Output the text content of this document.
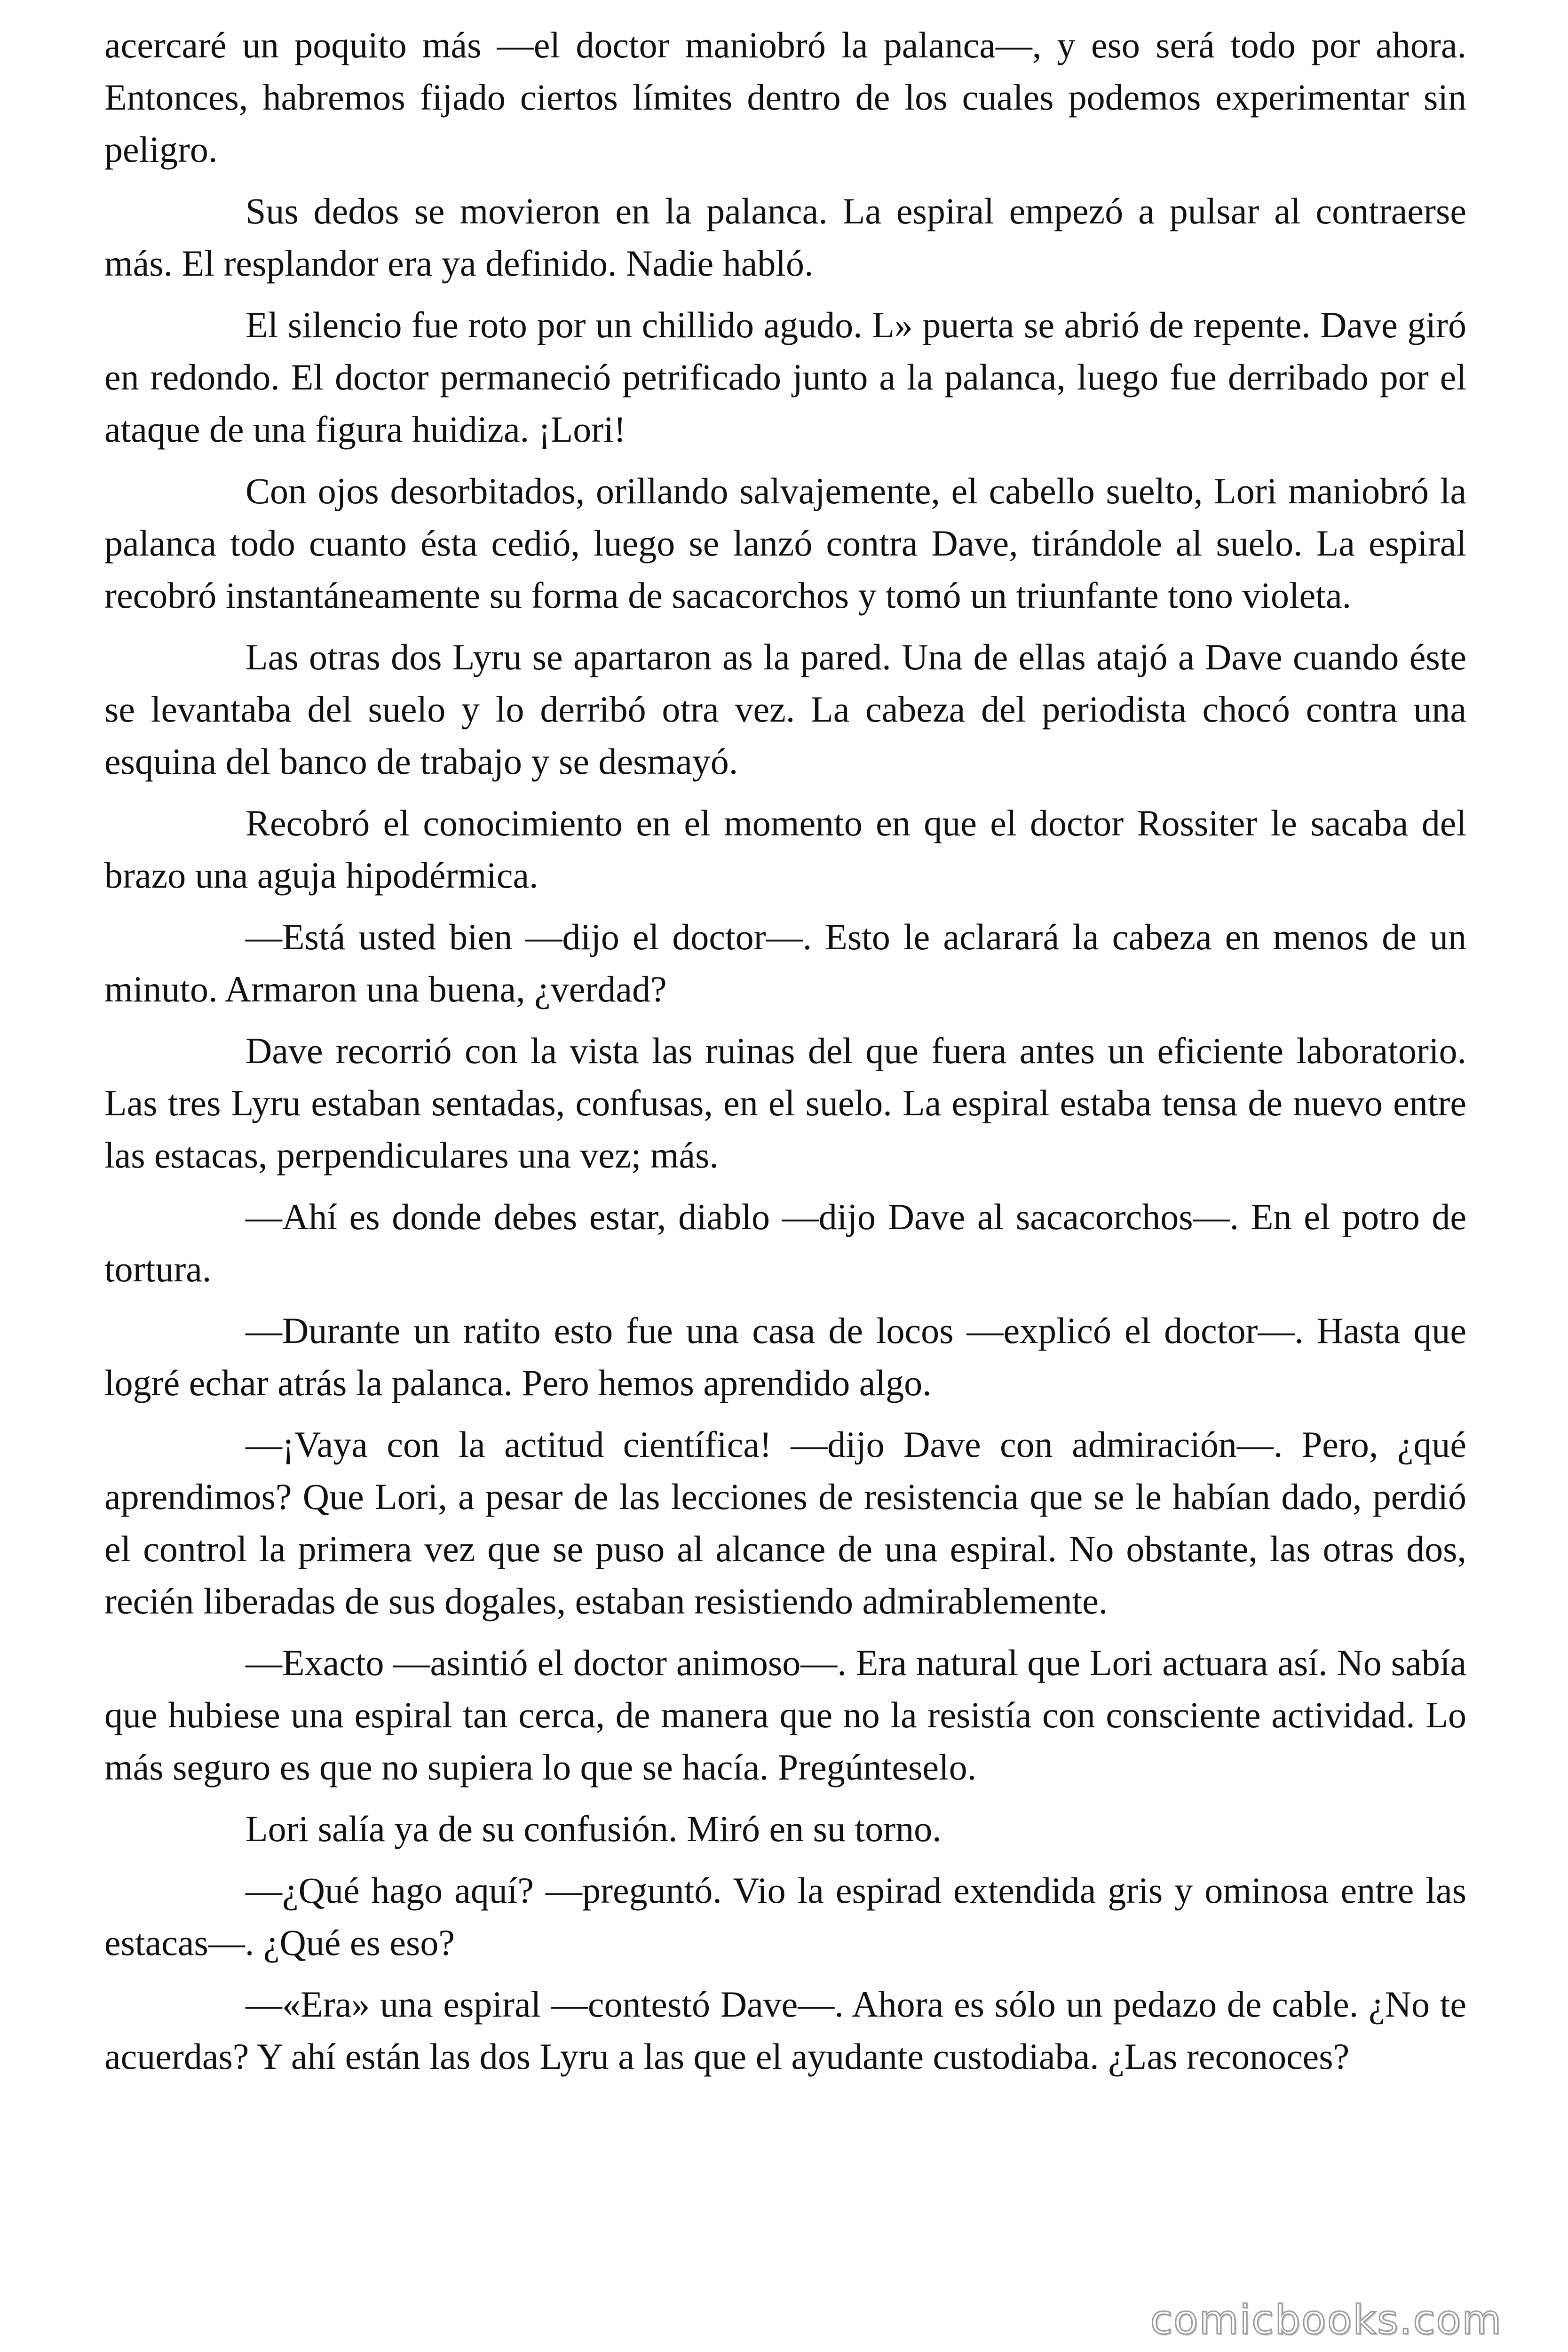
acercaré un poquito más —el doctor maniobró la palanca—, y eso será todo por ahora. Entonces, habremos fijado ciertos límites dentro de los cuales podemos experimentar sin peligro.

Sus dedos se movieron en la palanca. La espiral empezó a pulsar al contraerse más. El resplandor era ya definido. Nadie habló.

El silencio fue roto por un chillido agudo. L» puerta se abrió de repente. Dave giró en redondo. El doctor permaneció petrificado junto a la palanca, luego fue derribado por el ataque de una figura huidiza. ¡Lori!

Con ojos desorbitados, orillando salvajemente, el cabello suelto, Lori maniobró la palanca todo cuanto ésta cedió, luego se lanzó contra Dave, tirándole al suelo. La espiral recobró instantáneamente su forma de sacacorchos y tomó un triunfante tono violeta.

Las otras dos Lyru se apartaron as la pared. Una de ellas atajó a Dave cuando éste se levantaba del suelo y lo derribó otra vez. La cabeza del periodista chocó contra una esquina del banco de trabajo y se desmayó.

Recobró el conocimiento en el momento en que el doctor Rossiter le sacaba del brazo una aguja hipodérmica.

—Está usted bien —dijo el doctor—. Esto le aclarará la cabeza en menos de un minuto. Armaron una buena, ¿verdad?

Dave recorrió con la vista las ruinas del que fuera antes un eficiente laboratorio. Las tres Lyru estaban sentadas, confusas, en el suelo. La espiral estaba tensa de nuevo entre las estacas, perpendiculares una vez; más.

—Ahí es donde debes estar, diablo —dijo Dave al sacacorchos—. En el potro de tortura.

—Durante un ratito esto fue una casa de locos —explicó el doctor—. Hasta que logré echar atrás la palanca. Pero hemos aprendido algo.

—¡Vaya con la actitud científica! —dijo Dave con admiración—. Pero, ¿qué aprendimos? Que Lori, a pesar de las lecciones de resistencia que se le habían dado, perdió el control la primera vez que se puso al alcance de una espiral. No obstante, las otras dos, recién liberadas de sus dogales, estaban resistiendo admirablemente.

—Exacto —asintió el doctor animoso—. Era natural que Lori actuara así. No sabía que hubiese una espiral tan cerca, de manera que no la resistía con consciente actividad. Lo más seguro es que no supiera lo que se hacía. Pregúnteselo.

Lori salía ya de su confusión. Miró en su torno.

—¿Qué hago aquí? —preguntó. Vio la espirad extendida gris y ominosa entre las estacas—. ¿Qué es eso?

—«Era» una espiral —contestó Dave—. Ahora es sólo un pedazo de cable. ¿No te acuerdas? Y ahí están las dos Lyru a las que el ayudante custodiaba. ¿Las reconoces?

comicbooks.com
